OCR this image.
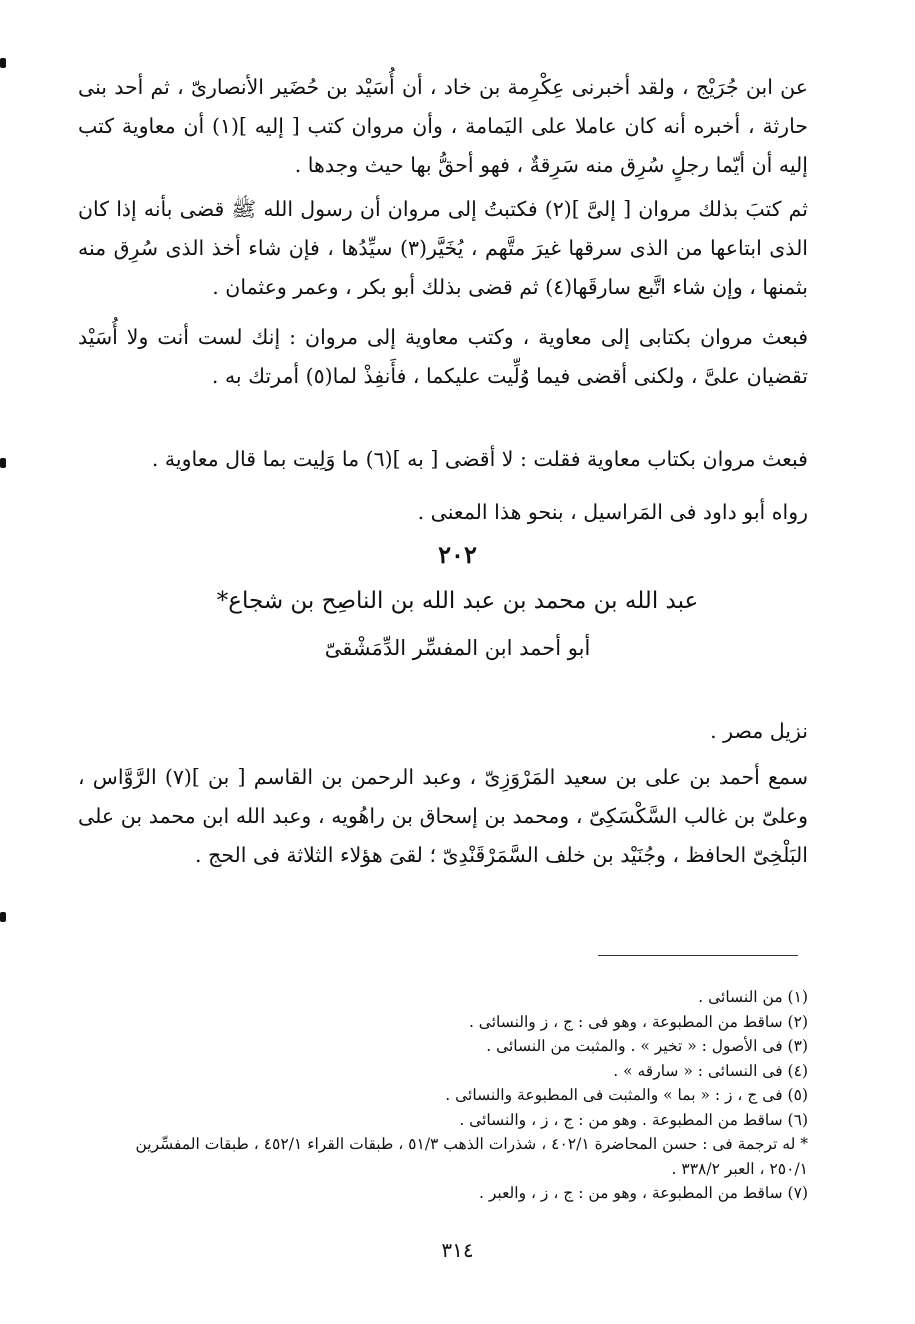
عن ابن جُرَيْج ، ولقد أخبرنى عِكْرِمة بن خاد ، أن أُسَيْد بن حُضَير الأنصارىّ ، ثم أحد بنى حارثة ، أخبره أنه كان عاملا على اليَمامة ، وأن مروان كتب [ إليه ](١) أن معاوية كتب إليه أن أيّما رجلٍ سُرِق منه سَرِقةٌ ، فهو أحقُّ بها حيث وجدها .

ثم كتبَ بذلك مروان [ إلىَّ ](٢) فكتبتُ إلى مروان أن رسول الله ﷺ قضى بأنه إذا كان الذى ابتاعها من الذى سرقها غيرَ متَّهم ، يُخَيَّر(٣) سيِّدُها ، فإن شاء أخذ الذى سُرِق منه بثمنها ، وإن شاء اتَّبع سارقَها(٤) ثم قضى بذلك أبو بكر ، وعمر وعثمان .

فبعث مروان بكتابى إلى معاوية ، وكتب معاوية إلى مروان : إنك لست أنت ولا أُسَيْد تقضيان علىَّ ، ولكنى أقضى فيما وُلِّيت عليكما ، فأَنفِذْ لما(٥) أمرتك به .

فبعث مروان بكتاب معاوية فقلت : لا أقضى [ به ](٦) ما وَلِيت بما قال معاوية .

رواه أبو داود فى المَراسيل ، بنحو هذا المعنى .

٢٠٢
عبد الله بن محمد بن عبد الله بن الناصِح بن شجاع*
أبو أحمد ابن المفسِّر الدِّمَشْقىّ

نزيل مصر .

سمع أحمد بن على بن سعيد المَرْوَزِىّ ، وعبد الرحمن بن القاسم [ بن ](٧) الرَّوَّاس ، وعلىّ بن غالب السَّكْسَكِىّ ، ومحمد بن إسحاق بن راهُويه ، وعبد الله ابن محمد بن على البَلْخِىّ الحافظ ، وجُنَيْد بن خلف السَّمَرْقَنْدِىّ ؛ لقىَ هؤلاء الثلاثة فى الحج .

(١) من النسائى .
(٢) ساقط من المطبوعة ، وهو فى : ج ، ز والنسائى .
(٣) فى الأصول : « تخير » . والمثبت من النسائى .
(٤) فى النسائى : « سارقه » .
(٥) فى ج ، ز : « بما » والمثبت فى المطبوعة والنسائى .
(٦) ساقط من المطبوعة . وهو من : ج ، ز ، والنسائى .
* له ترجمة فى : حسن المحاضرة ٤٠٢/١ ، شذرات الذهب ٥١/٣ ، طبقات القراء ٤٥٢/١ ، طبقات المفسِّرين ٢٥٠/١ ، العبر ٣٣٨/٢ .
(٧) ساقط من المطبوعة ، وهو من : ج ، ز ، والعبر .
٣١٤
